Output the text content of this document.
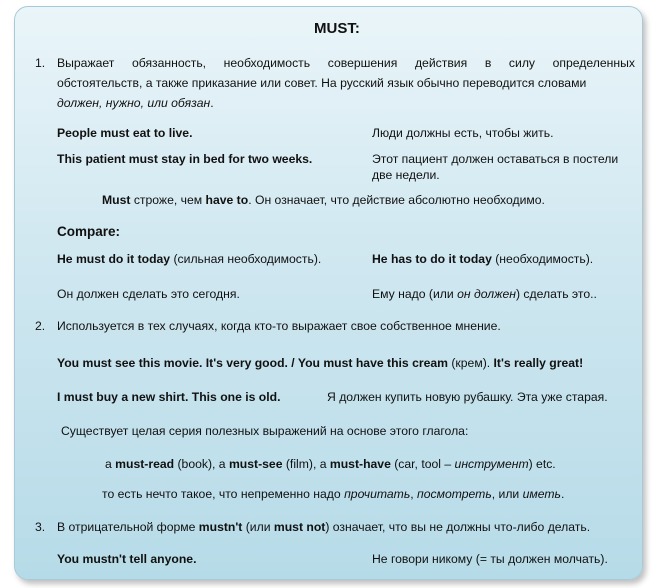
MUST:
1. Выражает обязанность, необходимость совершения действия в силу определенных
обстоятельств, а также приказание или совет. На русский язык обычно переводится словами
должен, нужно, или обязан.
People must eat to live.	Люди должны есть, чтобы жить.
This patient must stay in bed for two weeks.	Этот пациент должен оставаться в постели
две недели.
Must строже, чем have to. Он означает, что действие абсолютно необходимо.
Compare:
He must do it today (сильная необходимость).	He has to do it today (необходимость).
Он должен сделать это сегодня.	Ему надо (или он должен) сделать это..
2. Используется в тех случаях, когда кто-то выражает свое собственное мнение.
You must see this movie. It's very good. / You must have this cream (крем). It's really great!
I must buy a new shirt. This one is old.	Я должен купить новую рубашку. Эта уже старая.
Существует целая серия полезных выражений на основе этого глагола:
a must-read (book), a must-see (film), a must-have (car, tool – инструмент) etc.
то есть нечто такое, что непременно надо прочитать, посмотреть, или иметь.
3. В отрицательной форме mustn't (или must not) означает, что вы не должны что-либо делать.
You mustn't tell anyone.	Не говори никому (= ты должен молчать).
